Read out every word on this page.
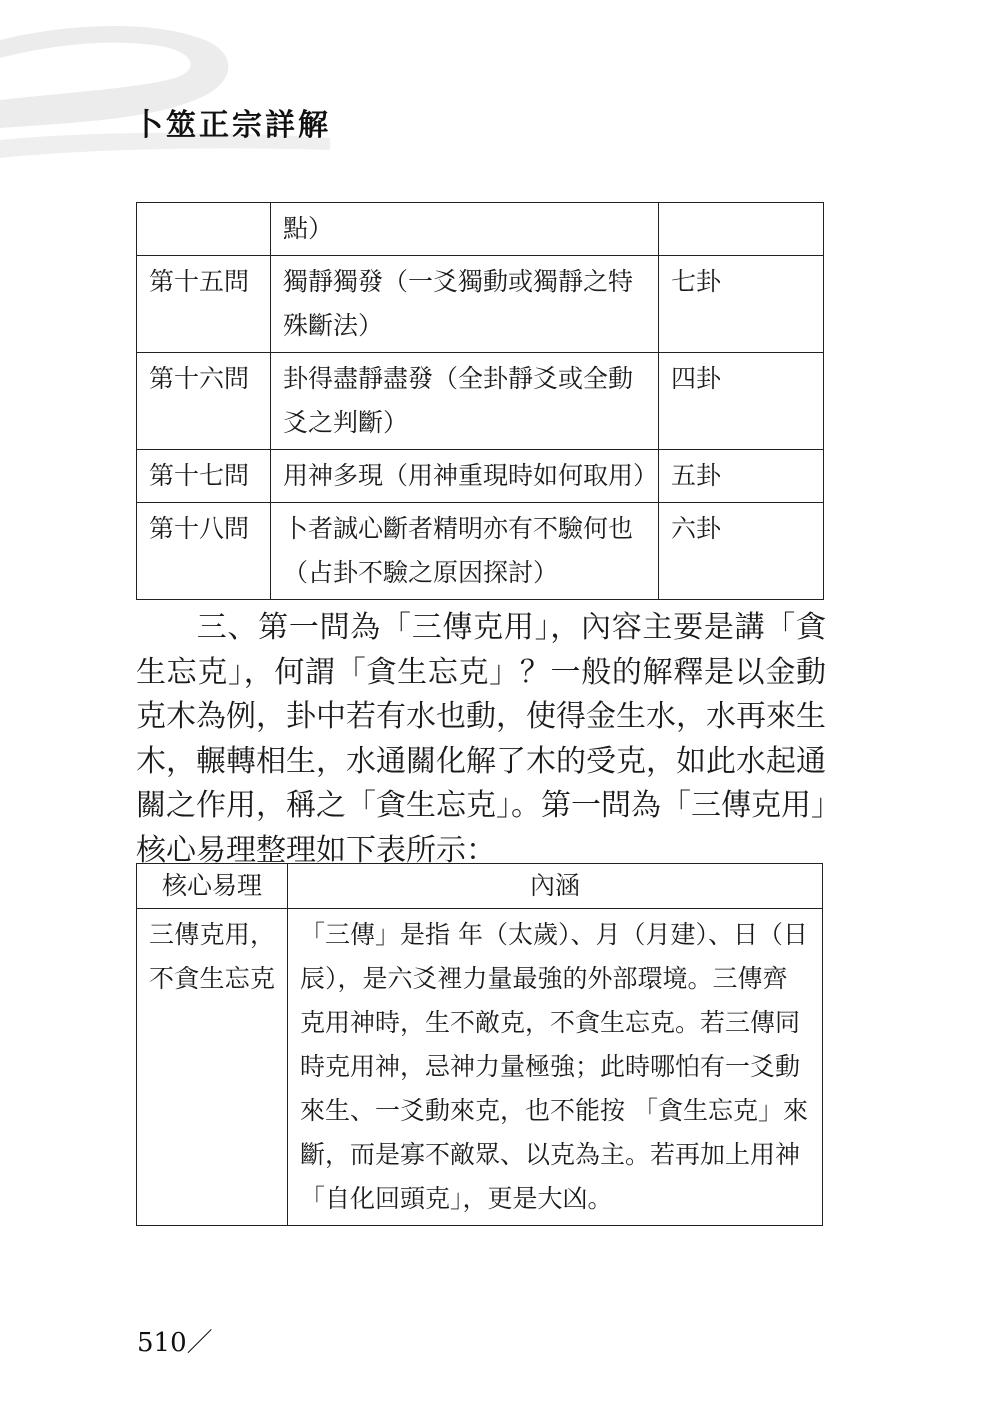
卜筮正宗詳解
	點）	
第十五問	獨靜獨發（一爻獨動或獨靜之特殊斷法）	七卦
第十六問	卦得盡靜盡發（全卦靜爻或全動爻之判斷）	四卦
第十七問	用神多現（用神重現時如何取用）	五卦
第十八問	卜者誠心斷者精明亦有不驗何也（占卦不驗之原因探討）	六卦

三、第一問為「三傳克用」，內容主要是講「貪生忘克」，何謂「貪生忘克」？一般的解釋是以金動克木為例，卦中若有水也動，使得金生水，水再來生木，輾轉相生，水通關化解了木的受克，如此水起通關之作用，稱之「貪生忘克」。第一問為「三傳克用」核心易理整理如下表所示：

核心易理	內涵
三傳克用，不貪生忘克	「三傳」是指 年（太歲）、月（月建）、日（日辰），是六爻裡力量最強的外部環境。三傳齊克用神時，生不敵克，不貪生忘克。若三傳同時克用神，忌神力量極強；此時哪怕有一爻動來生、一爻動來克，也不能按 「貪生忘克」來斷，而是寡不敵眾、以克為主。若再加上用神「自化回頭克」，更是大凶。
510／
